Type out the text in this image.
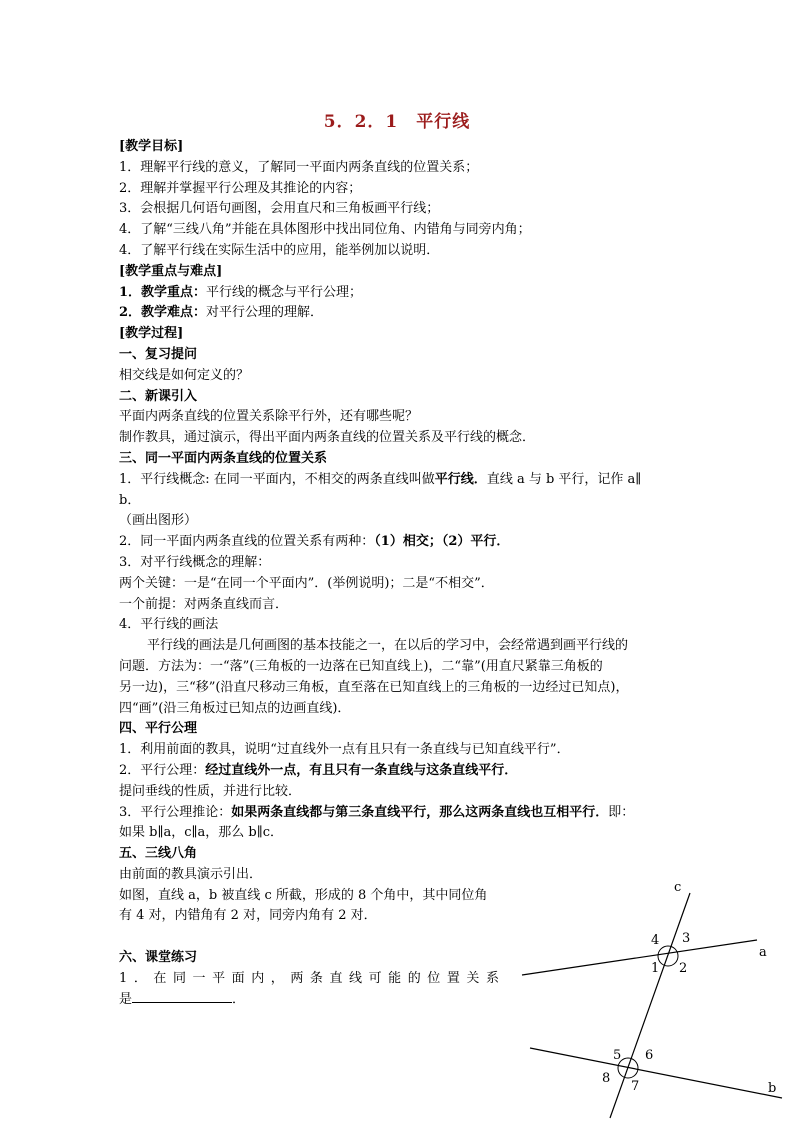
5．2．1　平行线
[教学目标]
1．理解平行线的意义，了解同一平面内两条直线的位置关系；
2．理解并掌握平行公理及其推论的内容；
3．会根据几何语句画图，会用直尺和三角板画平行线；
4．了解“三线八角”并能在具体图形中找出同位角、内错角与同旁内角；
4．了解平行线在实际生活中的应用，能举例加以说明．
[教学重点与难点]
1．教学重点：平行线的概念与平行公理；
2．教学难点：对平行公理的理解．
[教学过程]
一、复习提问
相交线是如何定义的？
二、新课引入
平面内两条直线的位置关系除平行外，还有哪些呢？
制作教具，通过演示，得出平面内两条直线的位置关系及平行线的概念．
三、同一平面内两条直线的位置关系
1．平行线概念: 在同一平面内，不相交的两条直线叫做平行线．直线 a 与 b 平行，记作 a∥
b．
（画出图形）
2．同一平面内两条直线的位置关系有两种：（1）相交；（2）平行．
3．对平行线概念的理解：
两个关键：一是“在同一个平面内”．(举例说明)；二是“不相交”．
一个前提：对两条直线而言．
4．平行线的画法
平行线的画法是几何画图的基本技能之一，在以后的学习中，会经常遇到画平行线的
问题．方法为：一“落”(三角板的一边落在已知直线上)，二“靠”(用直尺紧靠三角板的
另一边)，三“移”(沿直尺移动三角板，直至落在已知直线上的三角板的一边经过已知点)，
四“画”(沿三角板过已知点的边画直线)．
四、平行公理
1．利用前面的教具，说明“过直线外一点有且只有一条直线与已知直线平行”．
2．平行公理：经过直线外一点，有且只有一条直线与这条直线平行．
提问垂线的性质，并进行比较．
3．平行公理推论：如果两条直线都与第三条直线平行，那么这两条直线也互相平行．即：
如果 b∥a，c∥a，那么 b∥c．
五、三线八角
由前面的教具演示引出．
如图，直线 a，b 被直线 c 所截，形成的 8 个角中，其中同位角
有 4 对，内错角有 2 对，同旁内角有 2 对．
六、课堂练习
1．在同一平面内，两条直线可能的位置关系
是	．
c
a
b
1 2
3
4
5 6
7
8
